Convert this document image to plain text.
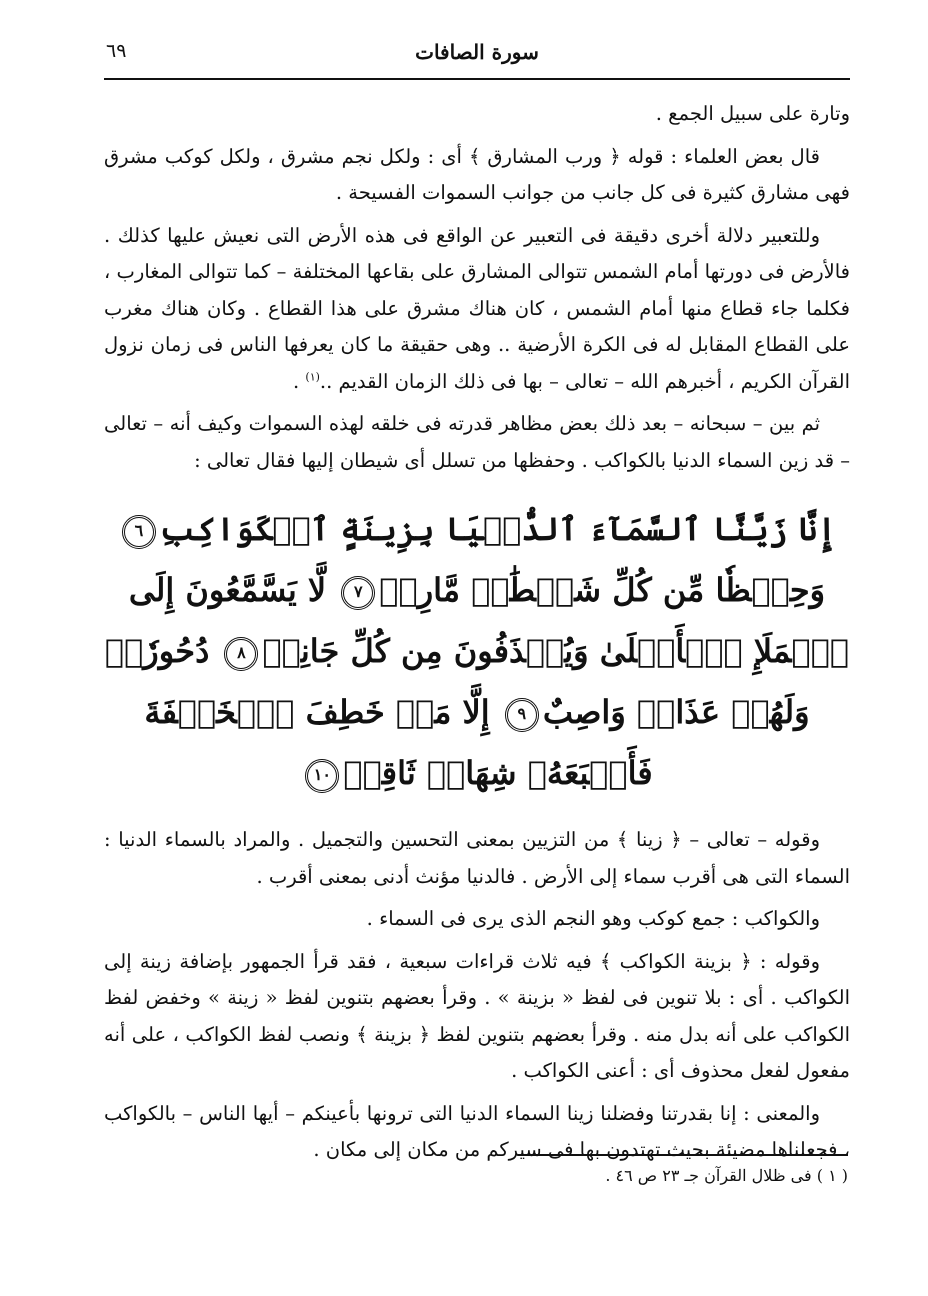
سورة الصافات
٦٩

وتارة على سبيل الجمع .

قال بعض العلماء : قوله ﴿ ورب المشارق ﴾ أى : ولكل نجم مشرق ، ولكل كوكب مشرق فهى مشارق كثيرة فى كل جانب من جوانب السموات الفسيحة .

وللتعبير دلالة أخرى دقيقة فى التعبير عن الواقع فى هذه الأرض التى نعيش عليها كذلك . فالأرض فى دورتها أمام الشمس تتوالى المشارق على بقاعها المختلفة – كما تتوالى المغارب ، فكلما جاء قطاع منها أمام الشمس ، كان هناك مشرق على هذا القطاع . وكان هناك مغرب على القطاع المقابل له فى الكرة الأرضية .. وهى حقيقة ما كان يعرفها الناس فى زمان نزول القرآن الكريم ، أخبرهم الله – تعالى – بها فى ذلك الزمان القديم ..$^{(١)}$ .

ثم بين – سبحانه – بعد ذلك بعض مظاهر قدرته فى خلقه لهذه السموات وكيف أنه – تعالى – قد زين السماء الدنيا بالكواكب . وحفظها من تسلل أى شيطان إليها فقال تعالى :

إِنَّا زَيَّنَّا ٱلسَّمَآءَ ٱلدُّنۡيَا بِزِينَةٍ ٱلۡكَوَاكِبِ٦ وَحِفۡظٗا مِّن كُلِّ شَيۡطَٰنٖ مَّارِدٖ٧ لَّا يَسَّمَّعُونَ إِلَى ٱلۡمَلَإِ ٱلۡأَعۡلَىٰ وَيُقۡذَفُونَ مِن كُلِّ جَانِبٖ٨ دُحُورٗاۖ وَلَهُمۡ عَذَابٞ وَاصِبٌ٩ إِلَّا مَنۡ خَطِفَ ٱلۡخَطۡفَةَ فَأَتۡبَعَهُۥ شِهَابٞ ثَاقِبٞ١٠

وقوله – تعالى – ﴿ زينا ﴾ من التزيين بمعنى التحسين والتجميل . والمراد بالسماء الدنيا : السماء التى هى أقرب سماء إلى الأرض . فالدنيا مؤنث أدنى بمعنى أقرب .

والكواكب : جمع كوكب وهو النجم الذى يرى فى السماء .

وقوله : ﴿ بزينة الكواكب ﴾ فيه ثلاث قراءات سبعية ، فقد قرأ الجمهور بإضافة زينة إلى الكواكب . أى : بلا تنوين فى لفظ « بزينة » . وقرأ بعضهم بتنوين لفظ « زينة » وخفض لفظ الكواكب على أنه بدل منه . وقرأ بعضهم بتنوين لفظ ﴿ بزينة ﴾ ونصب لفظ الكواكب ، على أنه مفعول لفعل محذوف أى : أعنى الكواكب .

والمعنى : إنا بقدرتنا وفضلنا زينا السماء الدنيا التى ترونها بأعينكم – أيها الناس – بالكواكب ، فجعلناها مضيئة بحيث تهتدون بها فى سيركم من مكان إلى مكان .

( ١ ) فى ظلال القرآن جـ ٢٣ ص ٤٦ .
